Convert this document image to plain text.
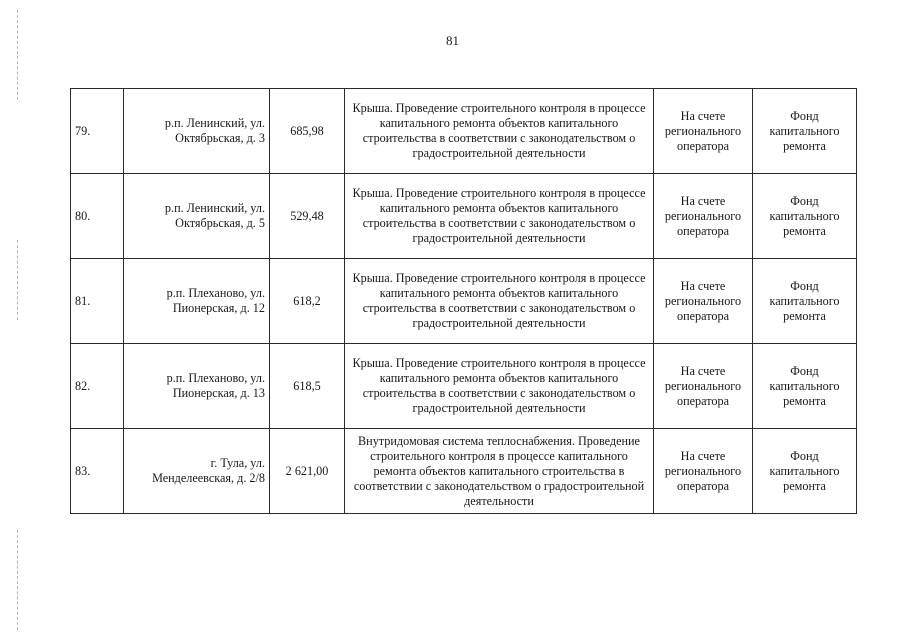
81
79.	р.п. Ленинский, ул. Октябрьская, д. 3	685,98	Крыша. Проведение строительного контроля в процессе капитального ремонта объектов капитального строительства в соответствии с законодательством о градостроительной деятельности	На счете регионального оператора	Фонд капитального ремонта
80.	р.п. Ленинский, ул. Октябрьская, д. 5	529,48	Крыша. Проведение строительного контроля в процессе капитального ремонта объектов капитального строительства в соответствии с законодательством о градостроительной деятельности	На счете регионального оператора	Фонд капитального ремонта
81.	р.п. Плеханово, ул. Пионерская, д. 12	618,2	Крыша. Проведение строительного контроля в процессе капитального ремонта объектов капитального строительства в соответствии с законодательством о градостроительной деятельности	На счете регионального оператора	Фонд капитального ремонта
82.	р.п. Плеханово, ул. Пионерская, д. 13	618,5	Крыша. Проведение строительного контроля в процессе капитального ремонта объектов капитального строительства в соответствии с законодательством о градостроительной деятельности	На счете регионального оператора	Фонд капитального ремонта
83.	г. Тула, ул. Менделеевская, д. 2/8	2 621,00	Внутридомовая система теплоснабжения. Проведение строительного контроля в процессе капитального ремонта объектов капитального строительства в соответствии с законодательством о градостроительной деятельности	На счете регионального оператора	Фонд капитального ремонта
